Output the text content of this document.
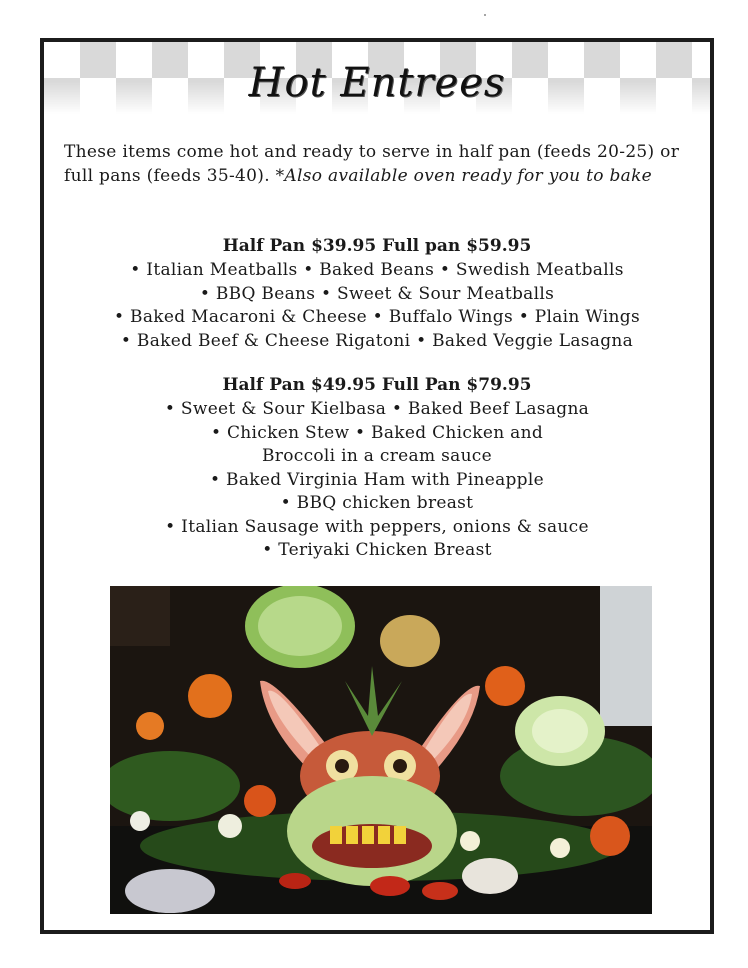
Hot Entrees
These items come hot and ready to serve in half pan (feeds 20-25) or full pans (feeds 35-40). *Also available oven ready for you to bake
Half Pan $39.95 Full pan $59.95
• Italian Meatballs • Baked Beans • Swedish Meatballs
• BBQ Beans • Sweet & Sour Meatballs
• Baked Macaroni & Cheese • Buffalo Wings • Plain Wings
• Baked Beef & Cheese Rigatoni • Baked Veggie Lasagna
Half Pan $49.95 Full Pan $79.95
• Sweet & Sour Kielbasa • Baked Beef Lasagna
• Chicken Stew • Baked Chicken and
Broccoli in a cream sauce
• Baked Virginia Ham with Pineapple
• BBQ chicken breast
• Italian Sausage with peppers, onions & sauce
• Teriyaki Chicken Breast
